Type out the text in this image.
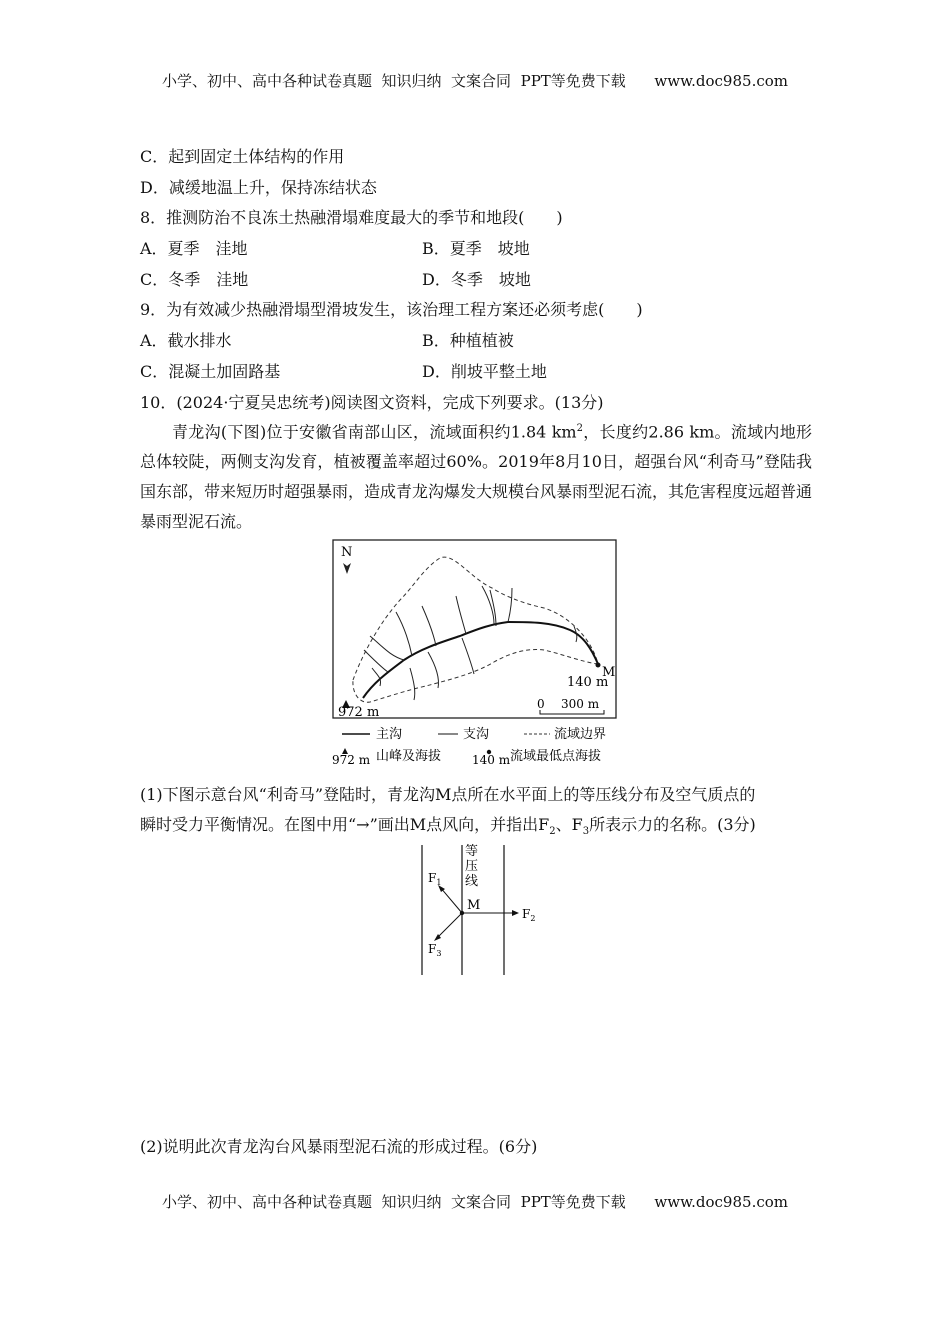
小学、初中、高中各种试卷真题  知识归纳  文案合同  PPT等免费下载      www.doc985.com
C．起到固定土体结构的作用
D．减缓地温上升，保持冻结状态
8．推测防治不良冻土热融滑塌难度最大的季节和地段(　　)
A．夏季　洼地	B．夏季　坡地
C．冬季　洼地	D．冬季　坡地
9．为有效减少热融滑塌型滑坡发生，该治理工程方案还必须考虑(　　)
A．截水排水	B．种植植被
C．混凝土加固路基	D．削坡平整土地
10．(2024·宁夏吴忠统考)阅读图文资料，完成下列要求。(13分)
青龙沟(下图)位于安徽省南部山区，流域面积约1.84 $km^2$，长度约2.86 km。流域内地形总体较陡，两侧支沟发育，植被覆盖率超过60%。2019年8月10日，超强台风“利奇马”登陆我国东部，带来短历时超强暴雨，造成青龙沟爆发大规模台风暴雨型泥石流，其危害程度远超普通暴雨型泥石流。
N
M
140 m
972 m
0 300 m
主沟	支沟	流域边界
972 m 山峰及海拔	140 m 流域最低点海拔
(1)下图示意台风“利奇马”登陆时，青龙沟M点所在水平面上的等压线分布及空气质点的
瞬时受力平衡情况。在图中用“→”画出M点风向，并指出$F_2$、$F_3$所表示力的名称。(3分)
等
压
线
M
$F_1$
$F_2$
$F_3$
(2)说明此次青龙沟台风暴雨型泥石流的形成过程。(6分)
小学、初中、高中各种试卷真题  知识归纳  文案合同  PPT等免费下载      www.doc985.com
